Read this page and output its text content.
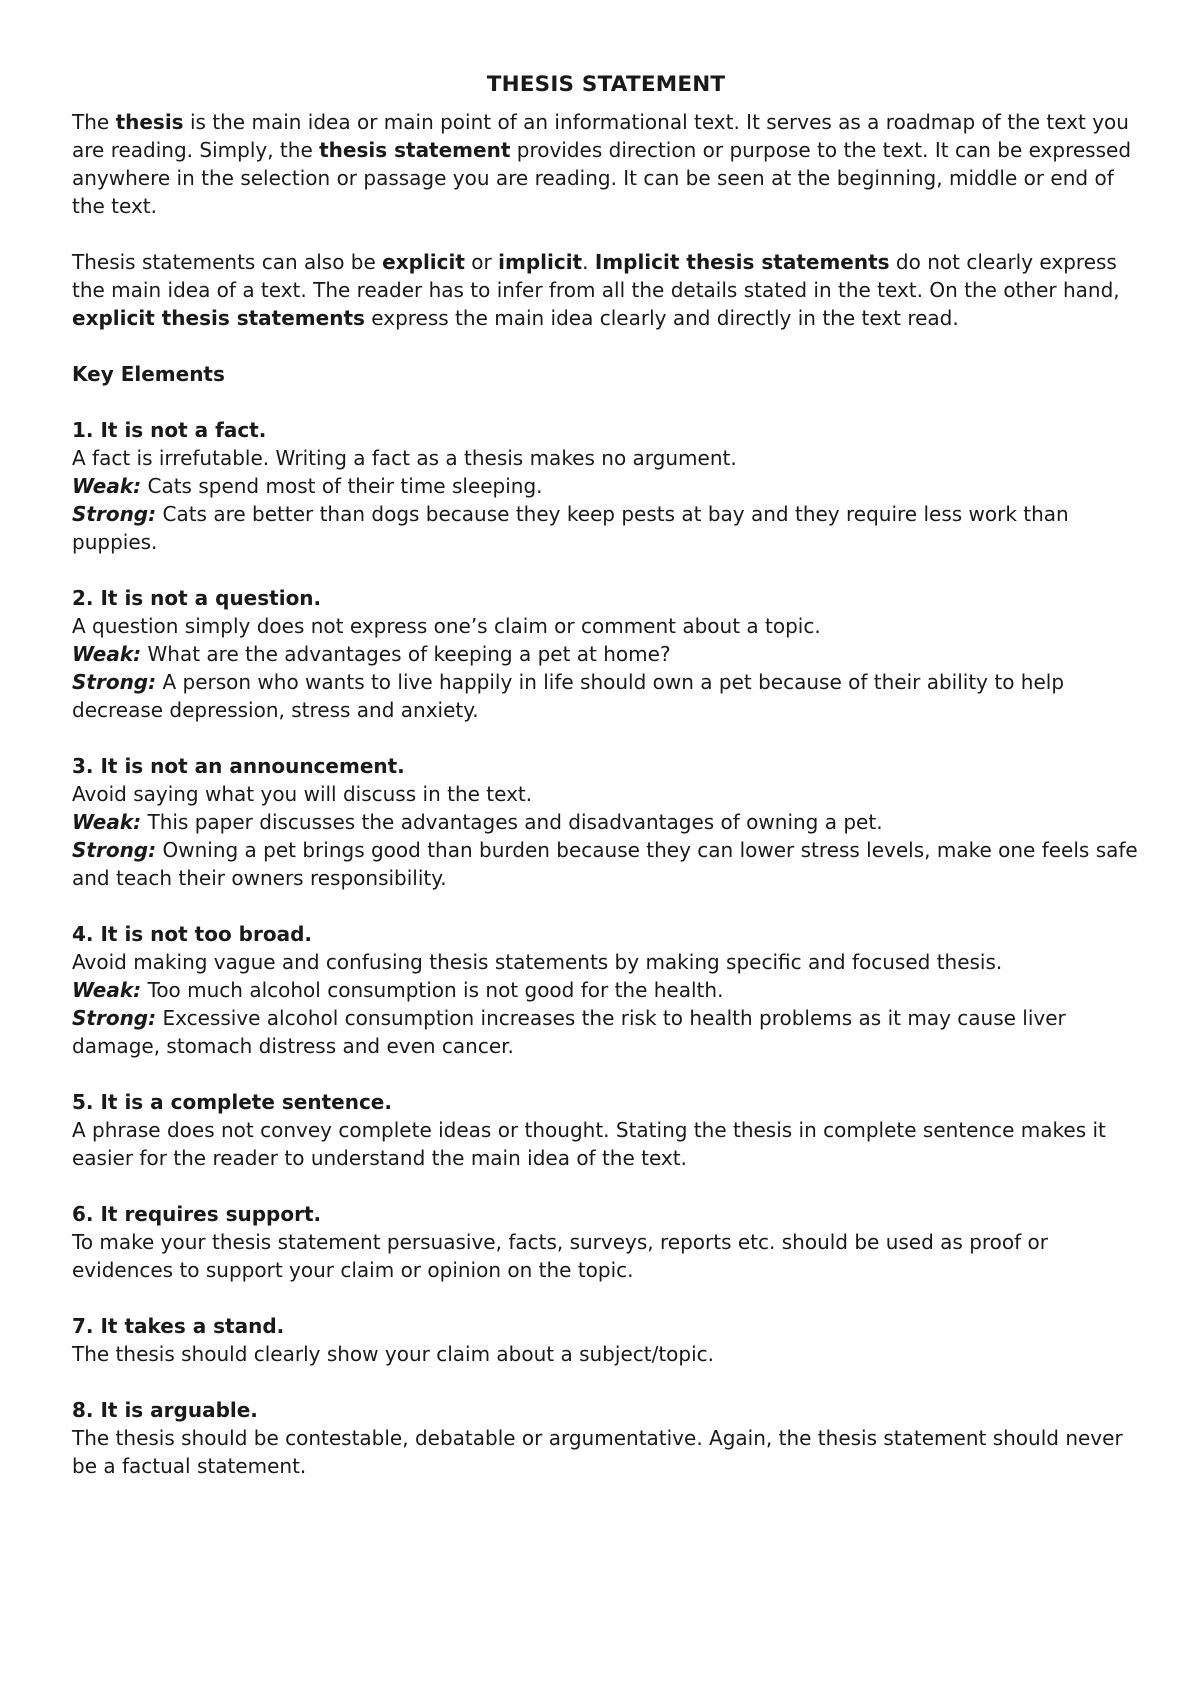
THESIS STATEMENT

The thesis is the main idea or main point of an informational text. It serves as a roadmap of the text you are reading. Simply, the thesis statement provides direction or purpose to the text. It can be expressed anywhere in the selection or passage you are reading. It can be seen at the beginning, middle or end of the text.

Thesis statements can also be explicit or implicit. Implicit thesis statements do not clearly express the main idea of a text. The reader has to infer from all the details stated in the text. On the other hand, explicit thesis statements express the main idea clearly and directly in the text read.

Key Elements

1. It is not a fact.

A fact is irrefutable. Writing a fact as a thesis makes no argument.

Weak: Cats spend most of their time sleeping.

Strong: Cats are better than dogs because they keep pests at bay and they require less work than puppies.

2. It is not a question.

A question simply does not express one’s claim or comment about a topic.

Weak: What are the advantages of keeping a pet at home?

Strong: A person who wants to live happily in life should own a pet because of their ability to help decrease depression, stress and anxiety.

3. It is not an announcement.

Avoid saying what you will discuss in the text.

Weak: This paper discusses the advantages and disadvantages of owning a pet.

Strong: Owning a pet brings good than burden because they can lower stress levels, make one feels safe and teach their owners responsibility.

4. It is not too broad.

Avoid making vague and confusing thesis statements by making specific and focused thesis.

Weak: Too much alcohol consumption is not good for the health.

Strong: Excessive alcohol consumption increases the risk to health problems as it may cause liver damage, stomach distress and even cancer.

5. It is a complete sentence.

A phrase does not convey complete ideas or thought. Stating the thesis in complete sentence makes it easier for the reader to understand the main idea of the text.

6. It requires support.

To make your thesis statement persuasive, facts, surveys, reports etc. should be used as proof or evidences to support your claim or opinion on the topic.

7. It takes a stand.

The thesis should clearly show your claim about a subject/topic.

8. It is arguable.

The thesis should be contestable, debatable or argumentative. Again, the thesis statement should never be a factual statement.
